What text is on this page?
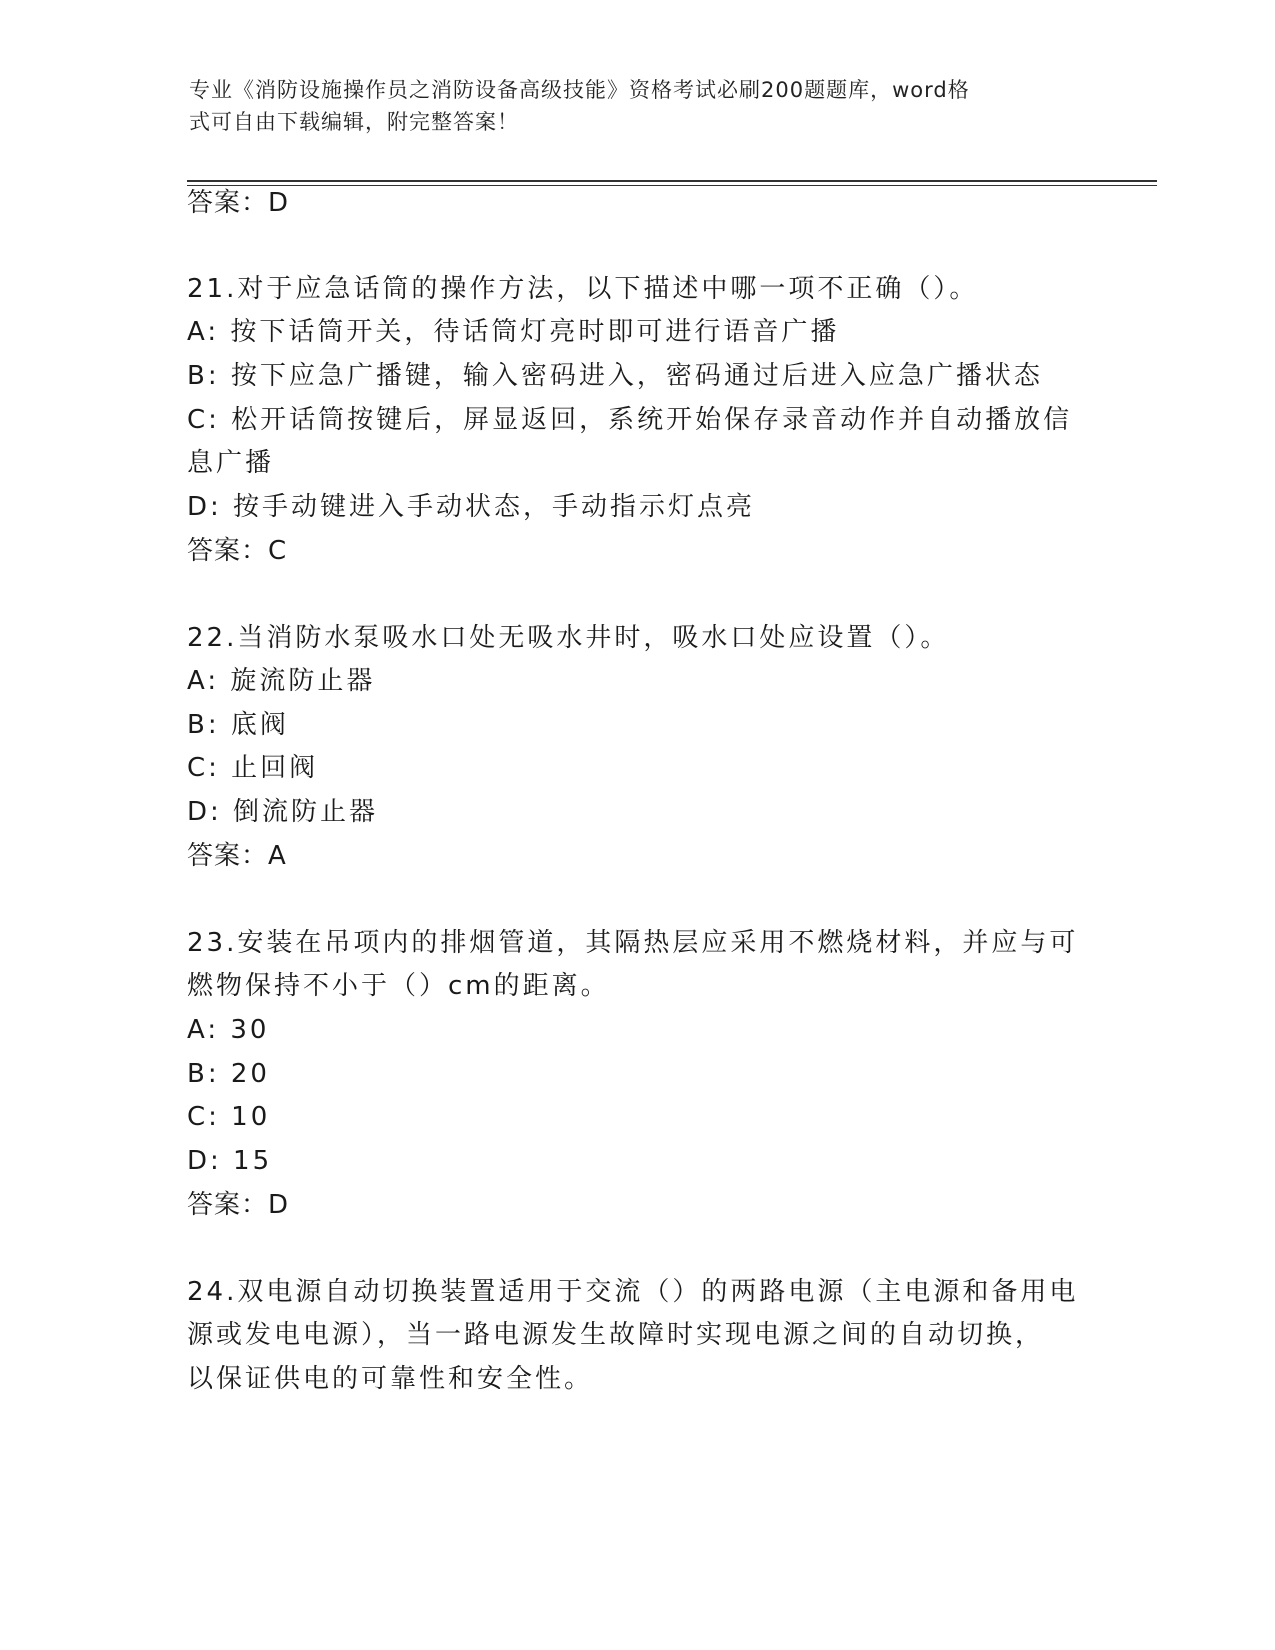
专业《消防设施操作员之消防设备高级技能》资格考试必刷200题题库，word格
式可自由下载编辑，附完整答案！
答案：D
21.对于应急话筒的操作方法，以下描述中哪一项不正确（）。
A: 按下话筒开关，待话筒灯亮时即可进行语音广播
B: 按下应急广播键，输入密码进入，密码通过后进入应急广播状态
C: 松开话筒按键后，屏显返回，系统开始保存录音动作并自动播放信
息广播
D: 按手动键进入手动状态，手动指示灯点亮
答案：C
22.当消防水泵吸水口处无吸水井时，吸水口处应设置（）。
A: 旋流防止器
B: 底阀
C: 止回阀
D: 倒流防止器
答案：A
23.安装在吊项内的排烟管道，其隔热层应采用不燃烧材料，并应与可
燃物保持不小于（）cm的距离。
A: 30
B: 20
C: 10
D: 15
答案：D
24.双电源自动切换装置适用于交流（）的两路电源（主电源和备用电
源或发电电源），当一路电源发生故障时实现电源之间的自动切换，
以保证供电的可靠性和安全性。
